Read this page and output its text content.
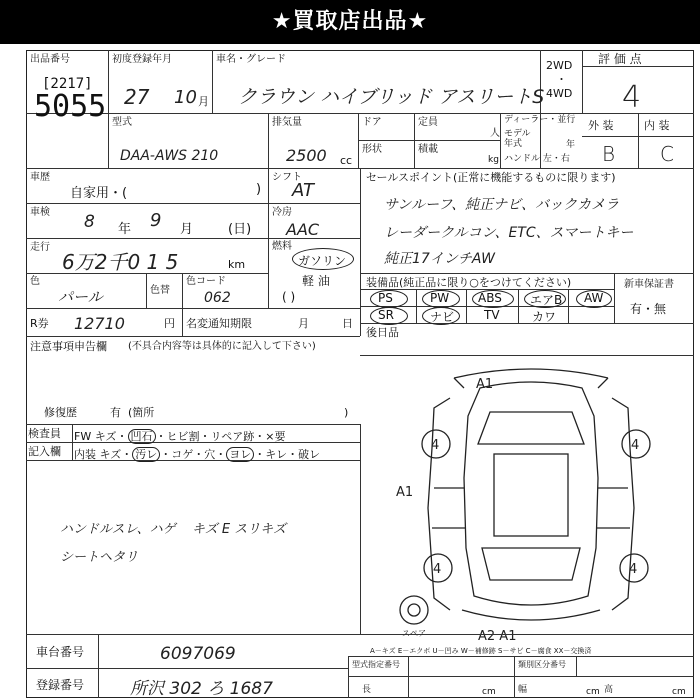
★買取店出品★
出品番号
[2217]
5055
初度登録年月
27 10 月
車名・グレード
クラウン ハイブリッド アスリートS
2WD
・
4WD
評 価 点
4
外 装	内 装
B C
型式
DAA-AWS 210
排気量
2500 cc
ドア	定員
人
ディーラー・並行
モデル年式	年
ハンドル 左・右
形状	積載
kg
車歴
自家用・(	)
シフト
AT
車検 8 年 9 月	(日)
冷房
AAC
走行
6万2千0 1 5	km
燃料
ガソリン
軽 油
( )
色
パール	色替
色コード
062
R券 12710	円 名変通知期限	月	日
注意事項申告欄 (不具合内容等は具体的に記入して下さい)
修復歴	有 (箇所	)
セールスポイント(正常に機能するものに限ります)
サンルーフ、純正ナビ、バックカメラ
レーダークルコン、ETC、スマートキー
純正17インチAW
装備品(純正品に限り○をつけてください)	新車保証書
有・無
PS	PW ABS エアB AW
SR	ナビ TV	カワ
後日品
検査員
記入欄
FW キズ・ 凹石 ・ヒビ割・リペア跡・×要
内装 キズ・ 汚レ ・コゲ・穴・ ヨレ ・キレ・破レ
ハンドルスレ、ハゲ
シートヘタリ
キズ E スリキズ
4	4
4	4
A1
A1
A2 A1
スペア
A－キズ E－エクボ U－凹み W－補修跡 S－サビ C－腐食 XX－交換済
車台番号	6097069
登録番号	所沢 302 ろ 1687
型式指定番号	類別区分番号
長	cm 幅	cm 高	cm
